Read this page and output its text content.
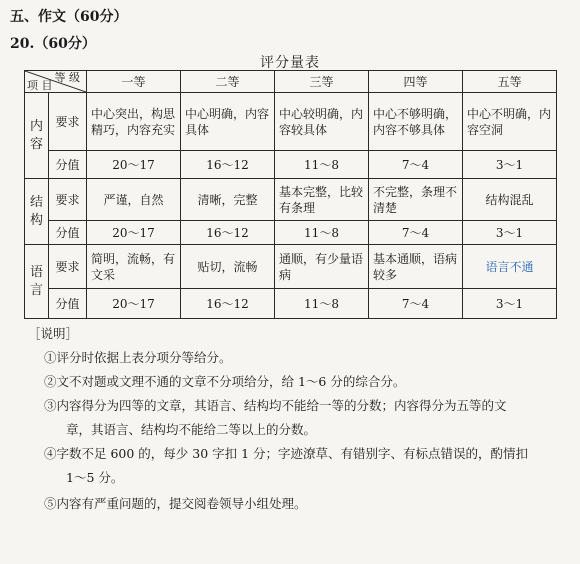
五、作文（60分）
20.（60分）
评分量表
等 级
项 目		一等	二等	三等	四等	五等
内容	要求	中心突出，构思精巧，内容充实	中心明确，内容具体	中心较明确，内容较具体	中心不够明确，内容不够具体	中心不明确，内容空洞
	分值	20～17	16～12	11～8	7～4	3～1
结构	要求	严谨，自然	清晰，完整	基本完整，比较有条理	不完整，条理不清楚	结构混乱
	分值	20～17	16～12	11～8	7～4	3～1
语言	要求	简明，流畅，有文采	贴切，流畅	通顺，有少量语病	基本通顺，语病较多	语言不通
	分值	20～17	16～12	11～8	7～4	3～1
［说明］
①评分时依据上表分项分等给分。
②文不对题或文理不通的文章不分项给分，给 1～6 分的综合分。
③内容得分为四等的文章，其语言、结构均不能给一等的分数；内容得分为五等的文
章，其语言、结构均不能给二等以上的分数。
④字数不足 600 的，每少 30 字扣 1 分；字迹潦草、有错别字、有标点错误的，酌情扣
1～5 分。
⑤内容有严重问题的，提交阅卷领导小组处理。
